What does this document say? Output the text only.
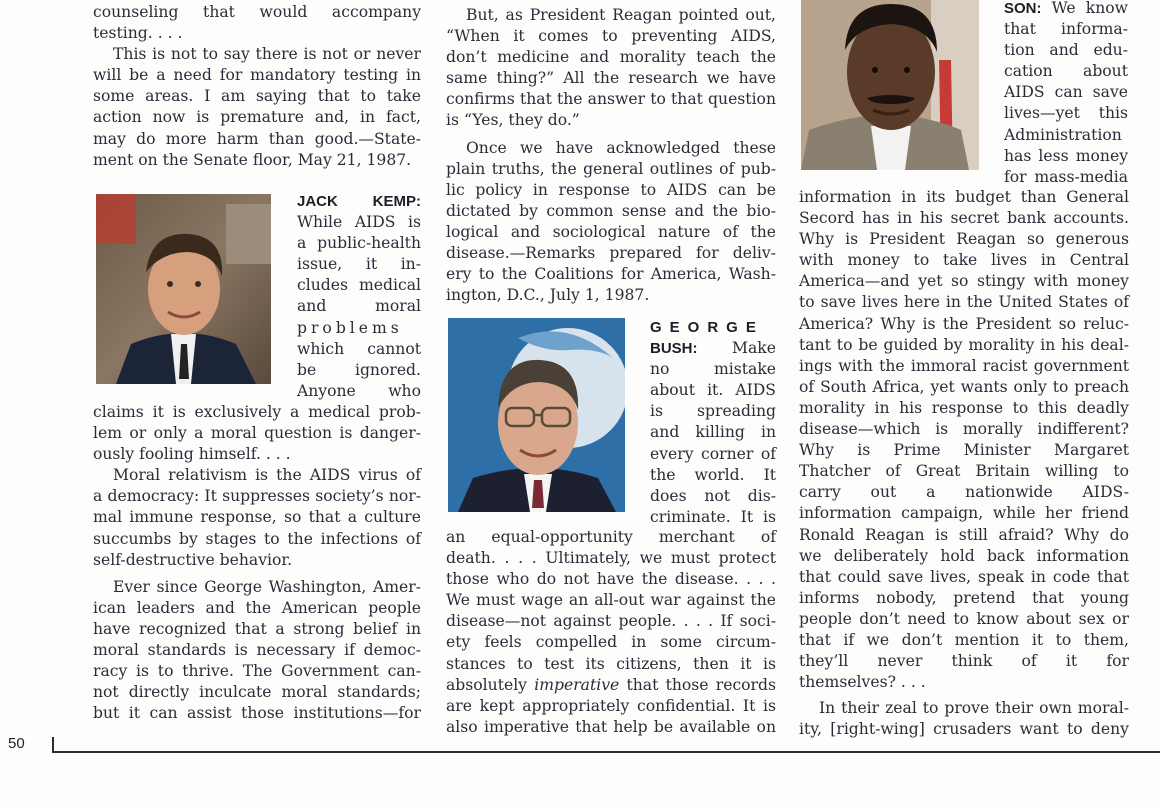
counseling that would accompany

testing. . . .

This is not to say there is not or never

will be a need for mandatory testing in

some areas. I am saying that to take

action now is premature and, in fact,

may do more harm than good.—State-

ment on the Senate floor, May 21, 1987.

JACK KEMP:

While AIDS is

a public-health

issue, it in-

cludes medical

and moral

problems

which cannot

be ignored.

Anyone who

claims it is exclusively a medical prob-

lem or only a moral question is danger-

ously fooling himself. . . .

Moral relativism is the AIDS virus of

a democracy: It suppresses society’s nor-

mal immune response, so that a culture

succumbs by stages to the infections of

self-destructive behavior.

Ever since George Washington, Amer-

ican leaders and the American people

have recognized that a strong belief in

moral standards is necessary if democ-

racy is to thrive. The Government can-

not directly inculcate moral standards;

but it can assist those institutions—for

But, as President Reagan pointed out,

“When it comes to preventing AIDS,

don’t medicine and morality teach the

same thing?” All the research we have

confirms that the answer to that question

is “Yes, they do.”

Once we have acknowledged these

plain truths, the general outlines of pub-

lic policy in response to AIDS can be

dictated by common sense and the bio-

logical and sociological nature of the

disease.—Remarks prepared for deliv-

ery to the Coalitions for America, Wash-

ington, D.C., July 1, 1987.

GEORGE

BUSH: Make

no mistake

about it. AIDS

is spreading

and killing in

every corner of

the world. It

does not dis-

criminate. It is

an equal-opportunity merchant of

death. . . . Ultimately, we must protect

those who do not have the disease. . . .

We must wage an all-out war against the

disease—not against people. . . . If soci-

ety feels compelled in some circum-

stances to test its citizens, then it is

absolutely imperative that those records

are kept appropriately confidential. It is

also imperative that help be available on

SON: We know

that informa-

tion and edu-

cation about

AIDS can save

lives—yet this

Administration

has less money

for mass-media

information in its budget than General

Secord has in his secret bank accounts.

Why is President Reagan so generous

with money to take lives in Central

America—and yet so stingy with money

to save lives here in the United States of

America? Why is the President so reluc-

tant to be guided by morality in his deal-

ings with the immoral racist government

of South Africa, yet wants only to preach

morality in his response to this deadly

disease—which is morally indifferent?

Why is Prime Minister Margaret

Thatcher of Great Britain willing to

carry out a nationwide AIDS-

information campaign, while her friend

Ronald Reagan is still afraid? Why do

we deliberately hold back information

that could save lives, speak in code that

informs nobody, pretend that young

people don’t need to know about sex or

that if we don’t mention it to them,

they’ll never think of it for

themselves? . . .

In their zeal to prove their own moral-

ity, [right-wing] crusaders want to deny

50
